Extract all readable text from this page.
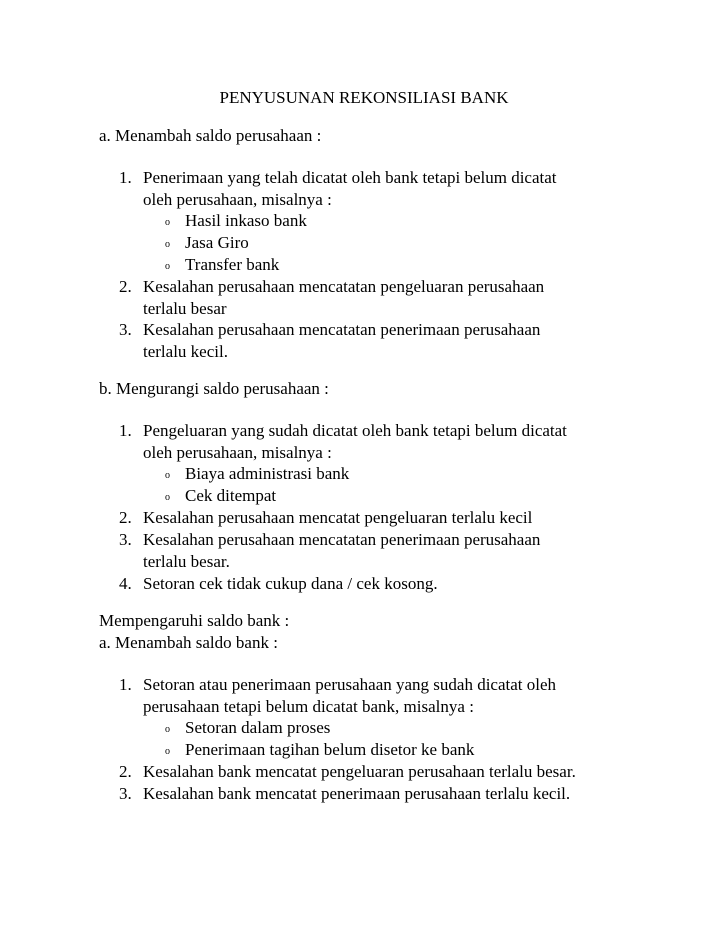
PENYUSUNAN REKONSILIASI BANK
a. Menambah saldo perusahaan :
1. Penerimaan yang telah dicatat oleh bank tetapi belum dicatat
oleh perusahaan, misalnya :
o Hasil inkaso bank
o Jasa Giro
o Transfer bank
2. Kesalahan perusahaan mencatatan pengeluaran perusahaan
terlalu besar
3. Kesalahan perusahaan mencatatan penerimaan perusahaan
terlalu kecil.
b. Mengurangi saldo perusahaan :
1. Pengeluaran yang sudah dicatat oleh bank tetapi belum dicatat
oleh perusahaan, misalnya :
o Biaya administrasi bank
o Cek ditempat
2. Kesalahan perusahaan mencatat pengeluaran terlalu kecil
3. Kesalahan perusahaan mencatatan penerimaan perusahaan
terlalu besar.
4. Setoran cek tidak cukup dana / cek kosong.
Mempengaruhi saldo bank :
a. Menambah saldo bank :
1. Setoran atau penerimaan perusahaan yang sudah dicatat oleh
perusahaan tetapi belum dicatat bank, misalnya :
o Setoran dalam proses
o Penerimaan tagihan belum disetor ke bank
2. Kesalahan bank mencatat pengeluaran perusahaan terlalu besar.
3. Kesalahan bank mencatat penerimaan perusahaan terlalu kecil.
